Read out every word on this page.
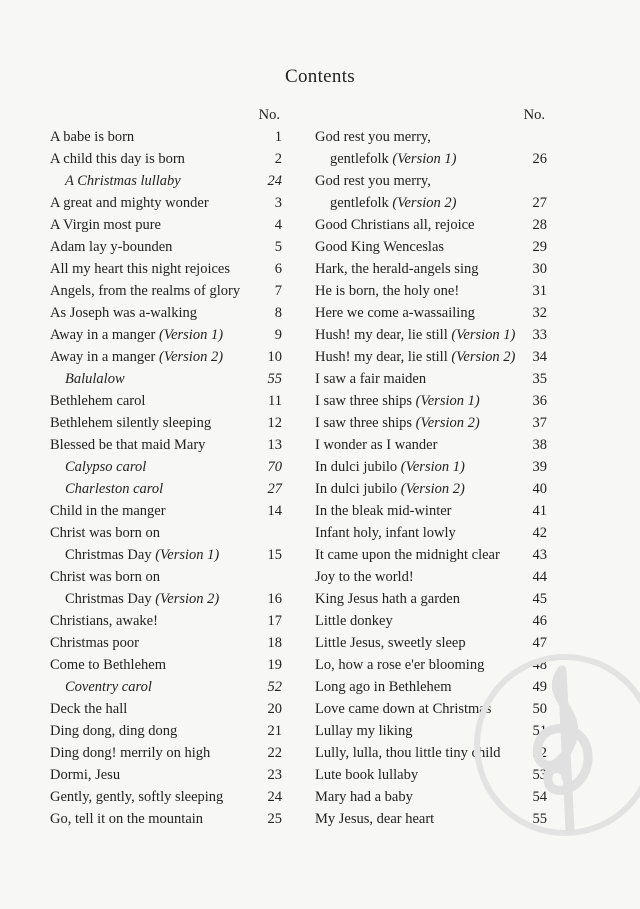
Contents
No.
A babe is born	1
A child this day is born	2
A Christmas lullaby	24
A great and mighty wonder	3
A Virgin most pure	4
Adam lay y-bounden	5
All my heart this night rejoices	6
Angels, from the realms of glory	7
As Joseph was a-walking	8
Away in a manger (Version 1)	9
Away in a manger (Version 2)	10
Balulalow	55
Bethlehem carol	11
Bethlehem silently sleeping	12
Blessed be that maid Mary	13
Calypso carol	70
Charleston carol	27
Child in the manger	14
Christ was born on
Christmas Day (Version 1)	15
Christ was born on
Christmas Day (Version 2)	16
Christians, awake!	17
Christmas poor	18
Come to Bethlehem	19
Coventry carol	52
Deck the hall	20
Ding dong, ding dong	21
Ding dong! merrily on high	22
Dormi, Jesu	23
Gently, gently, softly sleeping	24
Go, tell it on the mountain	25
No.
God rest you merry,
gentlefolk (Version 1)	26
God rest you merry,
gentlefolk (Version 2)	27
Good Christians all, rejoice	28
Good King Wenceslas	29
Hark, the herald-angels sing	30
He is born, the holy one!	31
Here we come a-wassailing	32
Hush! my dear, lie still (Version 1)	33
Hush! my dear, lie still (Version 2)	34
I saw a fair maiden	35
I saw three ships (Version 1)	36
I saw three ships (Version 2)	37
I wonder as I wander	38
In dulci jubilo (Version 1)	39
In dulci jubilo (Version 2)	40
In the bleak mid-winter	41
Infant holy, infant lowly	42
It came upon the midnight clear	43
Joy to the world!	44
King Jesus hath a garden	45
Little donkey	46
Little Jesus, sweetly sleep	47
Lo, how a rose e'er blooming	48
Long ago in Bethlehem	49
Love came down at Christmas	50
Lullay my liking	51
Lully, lulla, thou little tiny child	52
Lute book lullaby	53
Mary had a baby	54
My Jesus, dear heart	55
